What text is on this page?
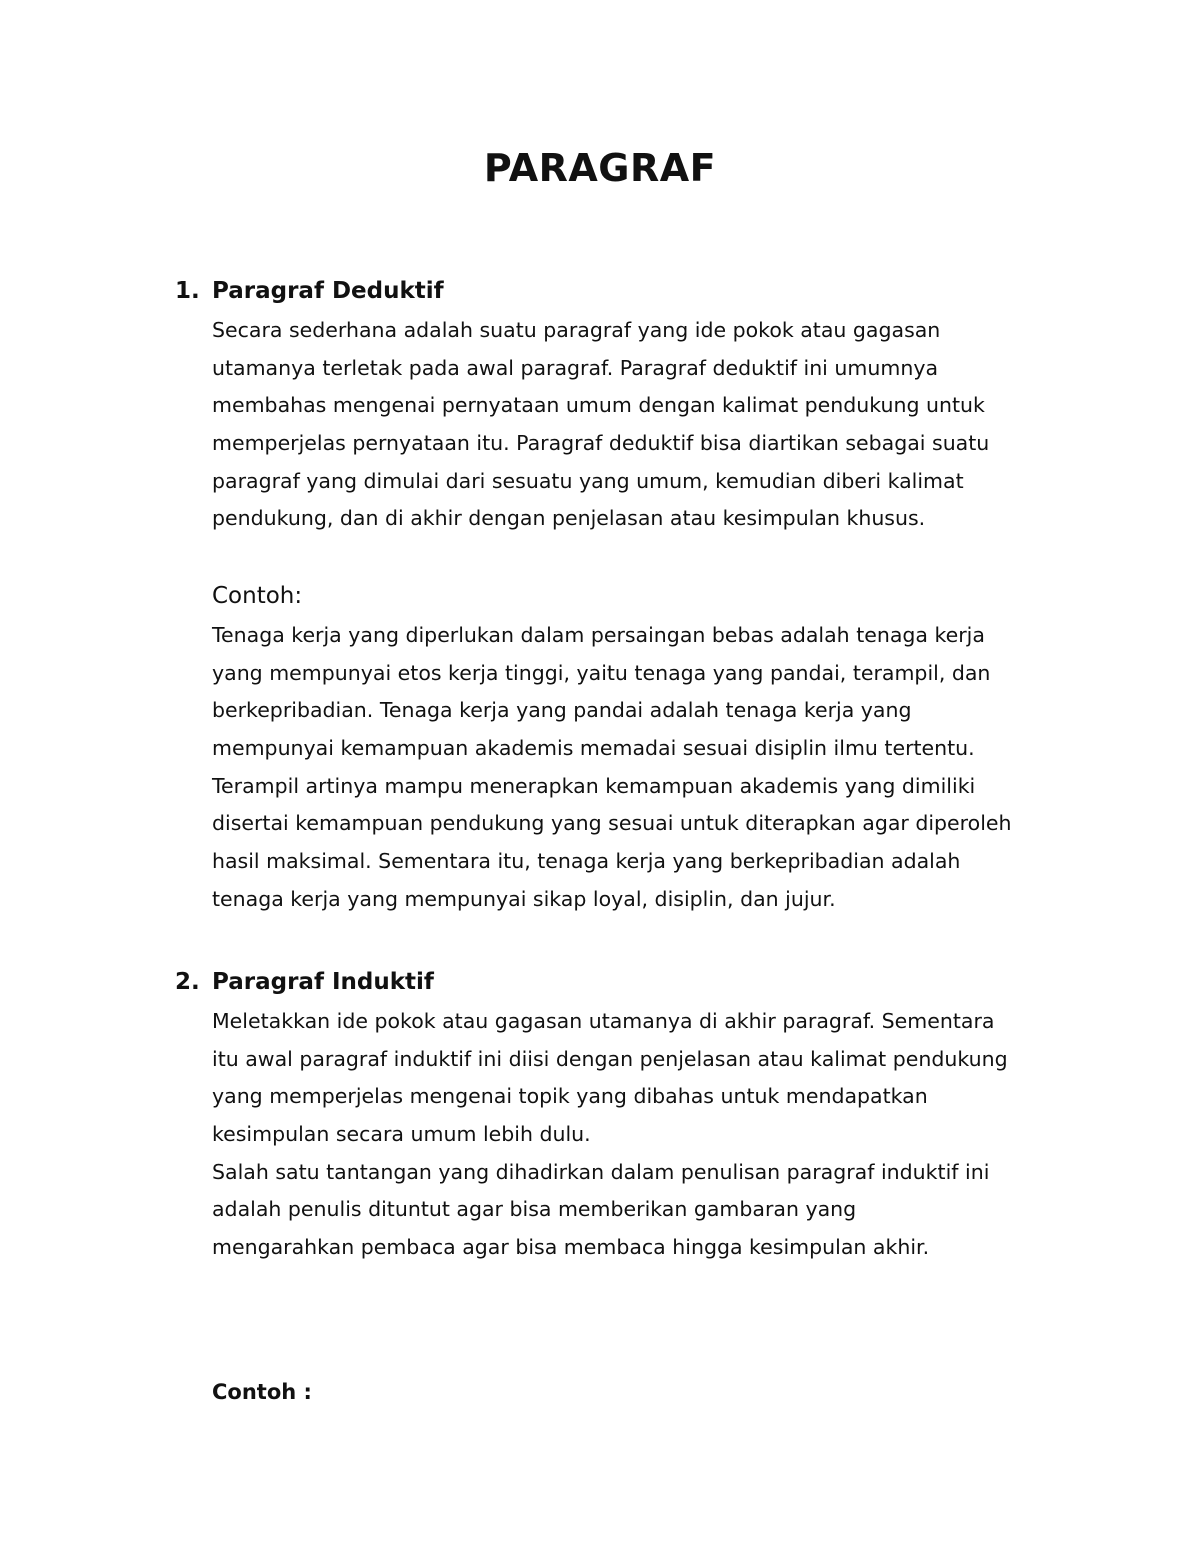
PARAGRAF
1. Paragraf Deduktif
Secara sederhana adalah suatu paragraf yang ide pokok atau gagasan
utamanya terletak pada awal paragraf. Paragraf deduktif ini umumnya
membahas mengenai pernyataan umum dengan kalimat pendukung untuk
memperjelas pernyataan itu. Paragraf deduktif bisa diartikan sebagai suatu
paragraf yang dimulai dari sesuatu yang umum, kemudian diberi kalimat
pendukung, dan di akhir dengan penjelasan atau kesimpulan khusus.
Contoh:
Tenaga kerja yang diperlukan dalam persaingan bebas adalah tenaga kerja
yang mempunyai etos kerja tinggi, yaitu tenaga yang pandai, terampil, dan
berkepribadian. Tenaga kerja yang pandai adalah tenaga kerja yang
mempunyai kemampuan akademis memadai sesuai disiplin ilmu tertentu.
Terampil artinya mampu menerapkan kemampuan akademis yang dimiliki
disertai kemampuan pendukung yang sesuai untuk diterapkan agar diperoleh
hasil maksimal. Sementara itu, tenaga kerja yang berkepribadian adalah
tenaga kerja yang mempunyai sikap loyal, disiplin, dan jujur.
2. Paragraf Induktif
Meletakkan ide pokok atau gagasan utamanya di akhir paragraf. Sementara
itu awal paragraf induktif ini diisi dengan penjelasan atau kalimat pendukung
yang memperjelas mengenai topik yang dibahas untuk mendapatkan
kesimpulan secara umum lebih dulu.
Salah satu tantangan yang dihadirkan dalam penulisan paragraf induktif ini
adalah penulis dituntut agar bisa memberikan gambaran yang
mengarahkan pembaca agar bisa membaca hingga kesimpulan akhir.
Contoh :
